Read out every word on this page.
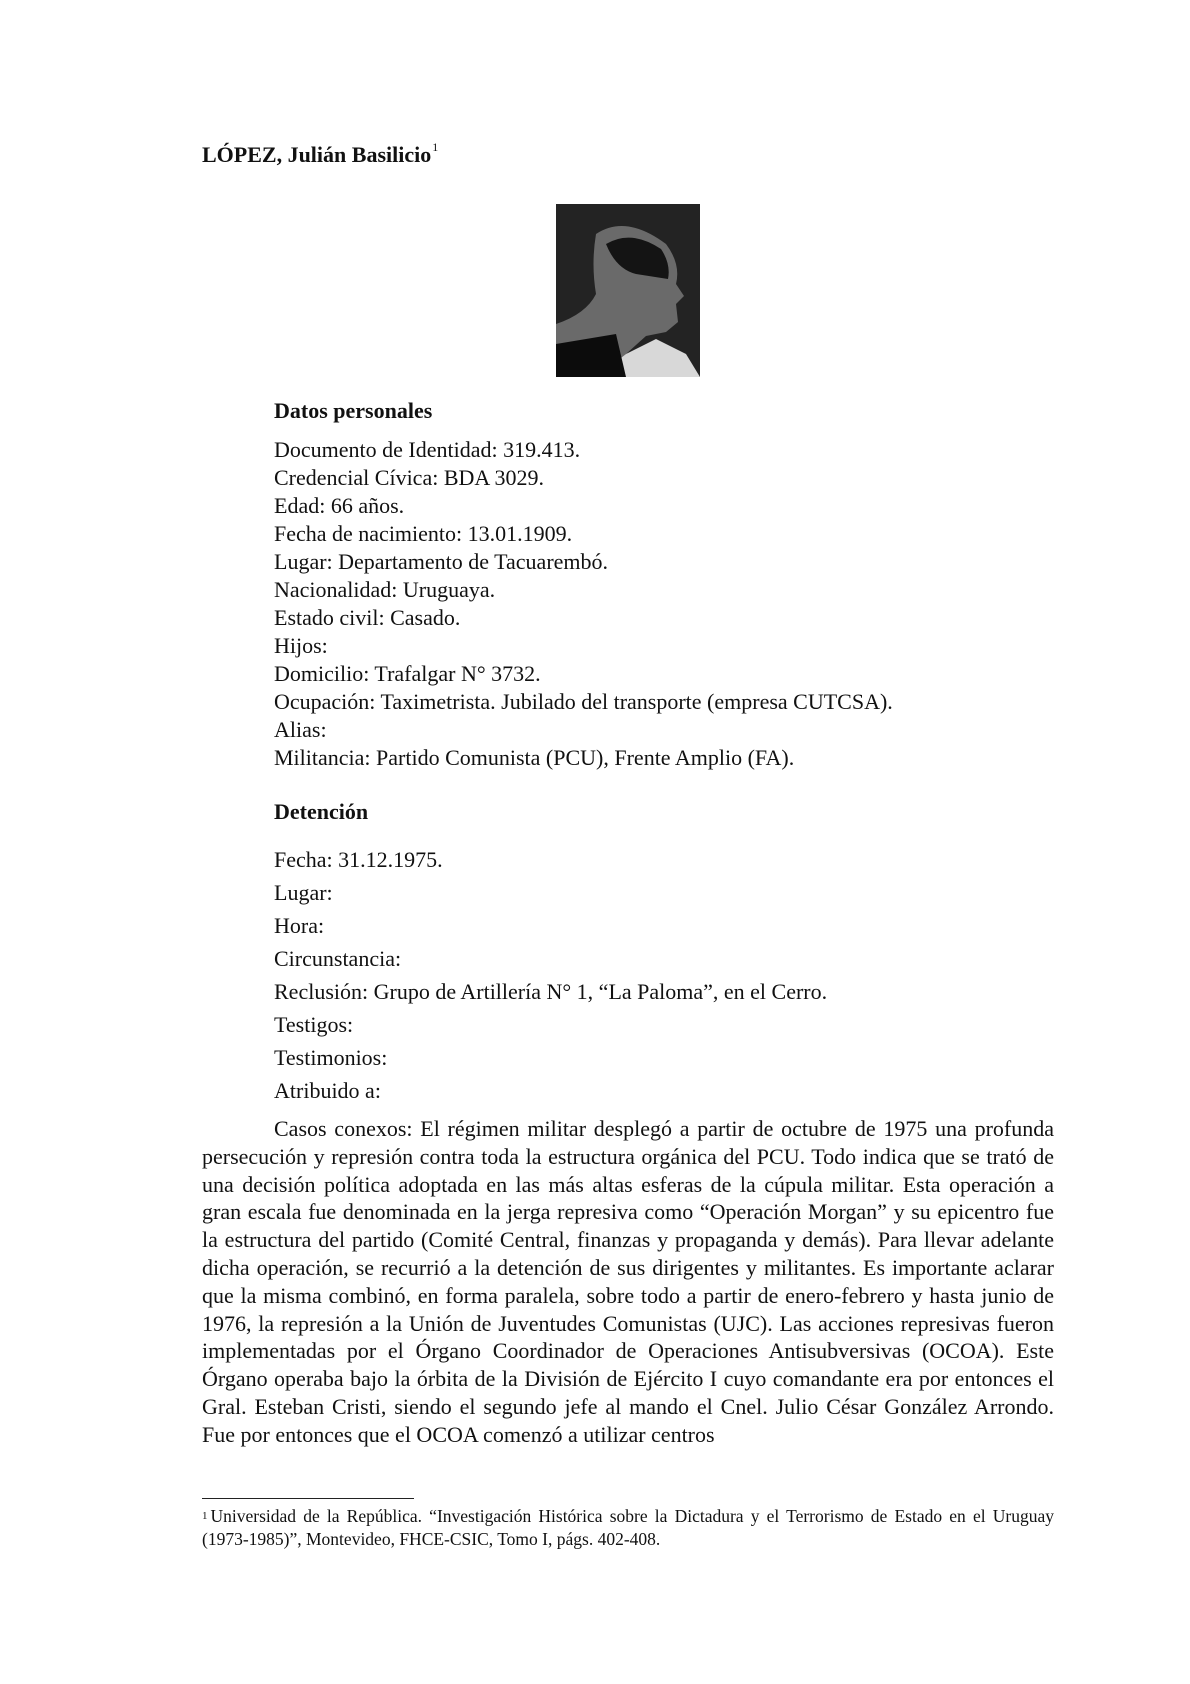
LÓPEZ, Julián Basilicio$^1$
Datos personales
Documento de Identidad: 319.413.
Credencial Cívica: BDA 3029.
Edad: 66 años.
Fecha de nacimiento: 13.01.1909.
Lugar: Departamento de Tacuarembó.
Nacionalidad: Uruguaya.
Estado civil: Casado.
Hijos:
Domicilio: Trafalgar N° 3732.
Ocupación: Taximetrista. Jubilado del transporte (empresa CUTCSA).
Alias:
Militancia: Partido Comunista (PCU), Frente Amplio (FA).
Detención
Fecha: 31.12.1975.
Lugar:
Hora:
Circunstancia:
Reclusión: Grupo de Artillería N° 1, “La Paloma”, en el Cerro.
Testigos:
Testimonios:
Atribuido a:
Casos conexos: El régimen militar desplegó a partir de octubre de 1975 una profunda persecución y represión contra toda la estructura orgánica del PCU. Todo indica que se trató de una decisión política adoptada en las más altas esferas de la cúpula militar. Esta operación a gran escala fue denominada en la jerga represiva como “Operación Morgan” y su epicentro fue la estructura del partido (Comité Central, finanzas y propaganda y demás). Para llevar adelante dicha operación, se recurrió a la detención de sus dirigentes y militantes. Es importante aclarar que la misma combinó, en forma paralela, sobre todo a partir de enero-febrero y hasta junio de 1976, la represión a la Unión de Juventudes Comunistas (UJC). Las acciones represivas fueron implementadas por el Órgano Coordinador de Operaciones Antisubversivas (OCOA). Este Órgano operaba bajo la órbita de la División de Ejército I cuyo comandante era por entonces el Gral. Esteban Cristi, siendo el segundo jefe al mando el Cnel. Julio César González Arrondo. Fue por entonces que el OCOA comenzó a utilizar centros
$^1$ Universidad de la República. “Investigación Histórica sobre la Dictadura y el Terrorismo de Estado en el Uruguay (1973-1985)”, Montevideo, FHCE-CSIC, Tomo I, págs. 402-408.
